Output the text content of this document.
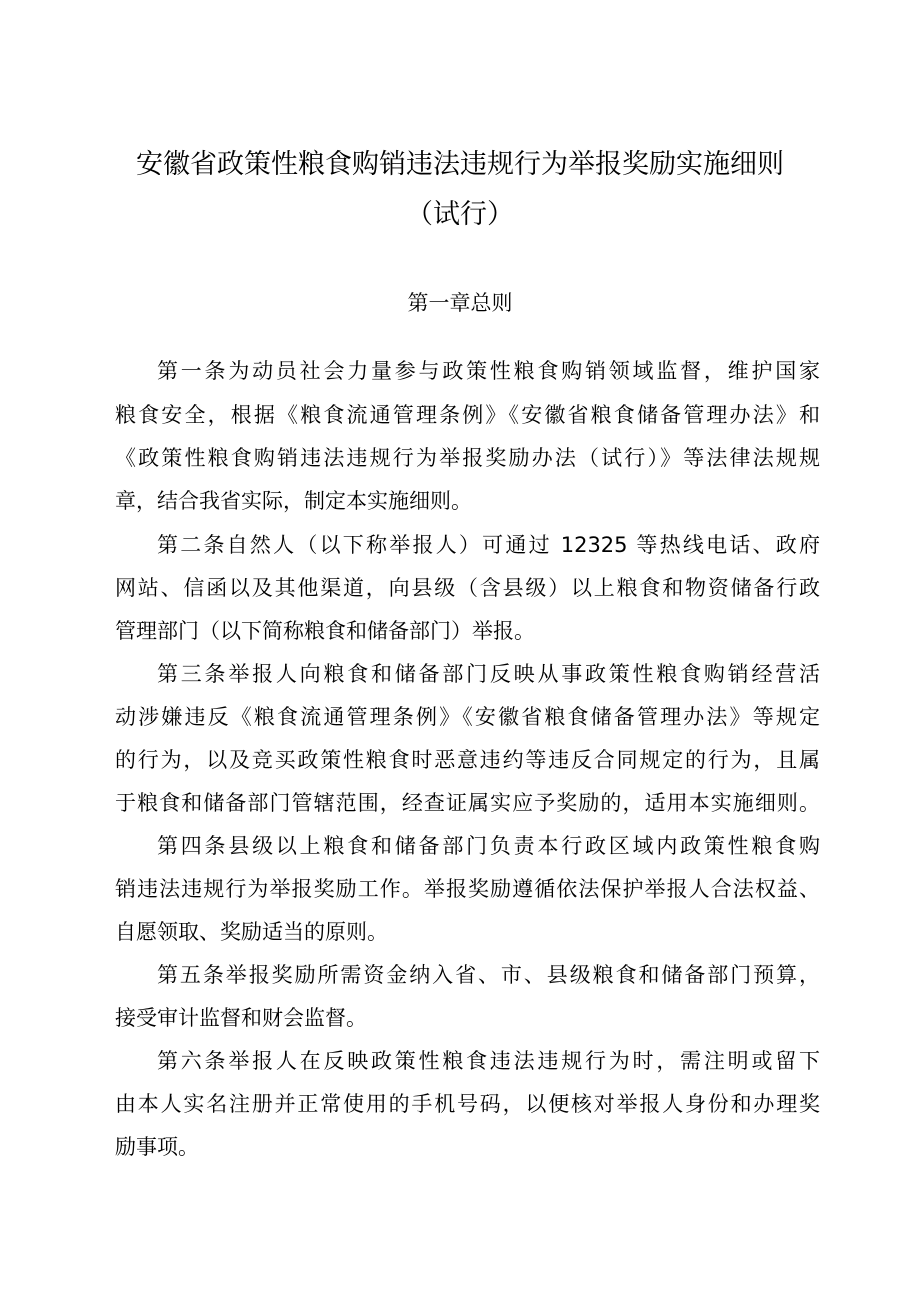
安徽省政策性粮食购销违法违规行为举报奖励实施细则
（试行）
第一章总则

第一条为动员社会力量参与政策性粮食购销领域监督，维护国家

粮食安全，根据《粮食流通管理条例》《安徽省粮食储备管理办法》和

《政策性粮食购销违法违规行为举报奖励办法（试行）》等法律法规规

章，结合我省实际，制定本实施细则。

第二条自然人（以下称举报人）可通过 12325 等热线电话、政府

网站、信函以及其他渠道，向县级（含县级）以上粮食和物资储备行政

管理部门（以下简称粮食和储备部门）举报。

第三条举报人向粮食和储备部门反映从事政策性粮食购销经营活

动涉嫌违反《粮食流通管理条例》《安徽省粮食储备管理办法》等规定

的行为，以及竞买政策性粮食时恶意违约等违反合同规定的行为，且属

于粮食和储备部门管辖范围，经查证属实应予奖励的，适用本实施细则。

第四条县级以上粮食和储备部门负责本行政区域内政策性粮食购

销违法违规行为举报奖励工作。举报奖励遵循依法保护举报人合法权益、

自愿领取、奖励适当的原则。

第五条举报奖励所需资金纳入省、市、县级粮食和储备部门预算，

接受审计监督和财会监督。

第六条举报人在反映政策性粮食违法违规行为时，需注明或留下

由本人实名注册并正常使用的手机号码，以便核对举报人身份和办理奖

励事项。
